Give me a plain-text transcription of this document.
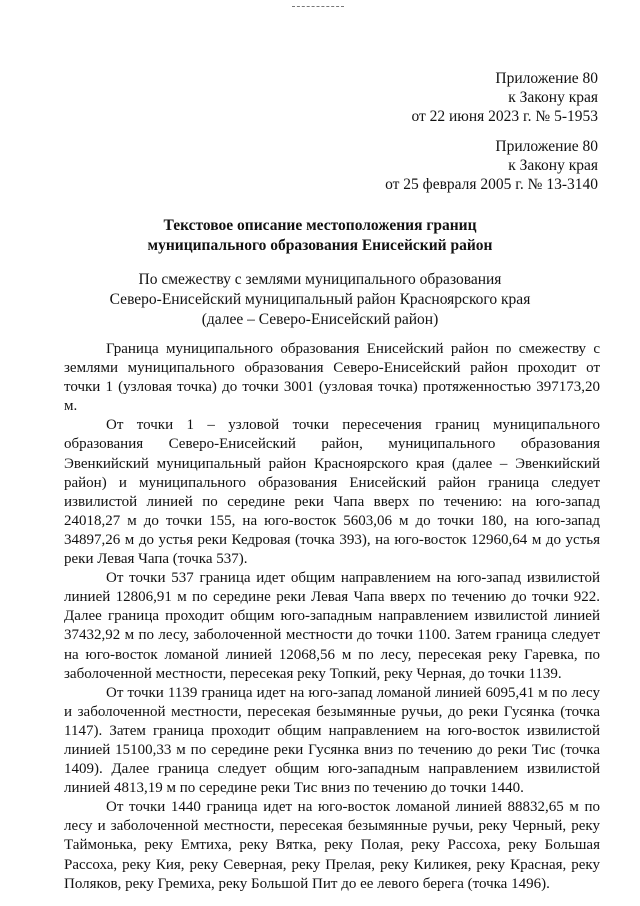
Приложение 80
к Закону края
от 22 июня 2023 г. № 5-1953
Приложение 80
к Закону края
от 25 февраля 2005 г. № 13-3140
Текстовое описание местоположения границ
муниципального образования Енисейский район
По смежеству с землями муниципального образования
Северо-Енисейский муниципальный район Красноярского края
(далее – Северо-Енисейский район)

Граница муниципального образования Енисейский район по смежеству с землями муниципального образования Северо-Енисейский район проходит от точки 1 (узловая точка) до точки 3001 (узловая точка) протяженностью 397173,20 м.

От точки 1 – узловой точки пересечения границ муниципального образования Северо-Енисейский район, муниципального образования Эвенкийский муниципальный район Красноярского края (далее – Эвенкийский район) и муниципального образования Енисейский район граница следует извилистой линией по середине реки Чапа вверх по течению: на юго-запад 24018,27 м до точки 155, на юго-восток 5603,06 м до точки 180, на юго-запад 34897,26 м до устья реки Кедровая (точка 393), на юго-восток 12960,64 м до устья реки Левая Чапа (точка 537).

От точки 537 граница идет общим направлением на юго-запад извилистой линией 12806,91 м по середине реки Левая Чапа вверх по течению до точки 922. Далее граница проходит общим юго-западным направлением извилистой линией 37432,92 м по лесу, заболоченной местности до точки 1100. Затем граница следует на юго-восток ломаной линией 12068,56 м по лесу, пересекая реку Гаревка, по заболоченной местности, пересекая реку Топкий, реку Черная, до точки 1139.

От точки 1139 граница идет на юго-запад ломаной линией 6095,41 м по лесу и заболоченной местности, пересекая безымянные ручьи, до реки Гусянка (точка 1147). Затем граница проходит общим направлением на юго-восток извилистой линией 15100,33 м по середине реки Гусянка вниз по течению до реки Тис (точка 1409). Далее граница следует общим юго-западным направлением извилистой линией 4813,19 м по середине реки Тис вниз по течению до точки 1440.

От точки 1440 граница идет на юго-восток ломаной линией 88832,65 м по лесу и заболоченной местности, пересекая безымянные ручьи, реку Черный, реку Таймонька, реку Емтиха, реку Вятка, реку Полая, реку Рассоха, реку Большая Рассоха, реку Кия, реку Северная, реку Прелая, реку Киликея, реку Красная, реку Поляков, реку Гремиха, реку Большой Пит до ее левого берега (точка 1496).
